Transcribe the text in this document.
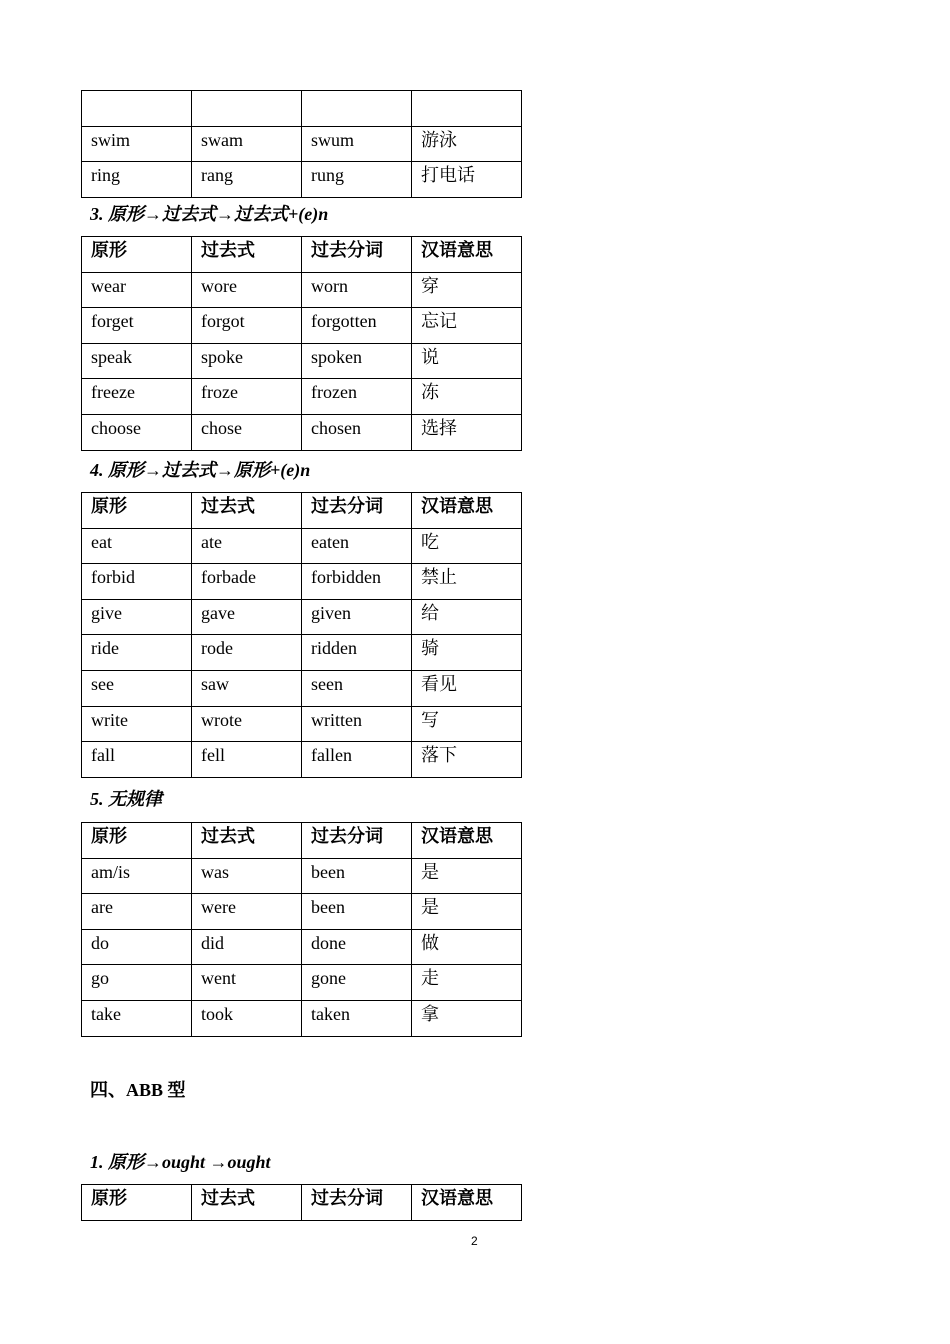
swim	swam	swum	游泳
ring	rang	rung	打电话
3. 原形→过去式→过去式+(e)n
原形	过去式	过去分词	汉语意思
wear	wore	worn	穿
forget	forgot	forgotten	忘记
speak	spoke	spoken	说
freeze	froze	frozen	冻
choose	chose	chosen	选择
4. 原形→过去式→原形+(e)n
原形	过去式	过去分词	汉语意思
eat	ate	eaten	吃
forbid	forbade	forbidden	禁止
give	gave	given	给
ride	rode	ridden	骑
see	saw	seen	看见
write	wrote	written	写
fall	fell	fallen	落下
5. 无规律
原形	过去式	过去分词	汉语意思
am/is	was	been	是
are	were	been	是
do	did	done	做
go	went	gone	走
take	took	taken	拿
四、ABB 型
1. 原形→ought →ought
原形	过去式	过去分词	汉语意思
2
